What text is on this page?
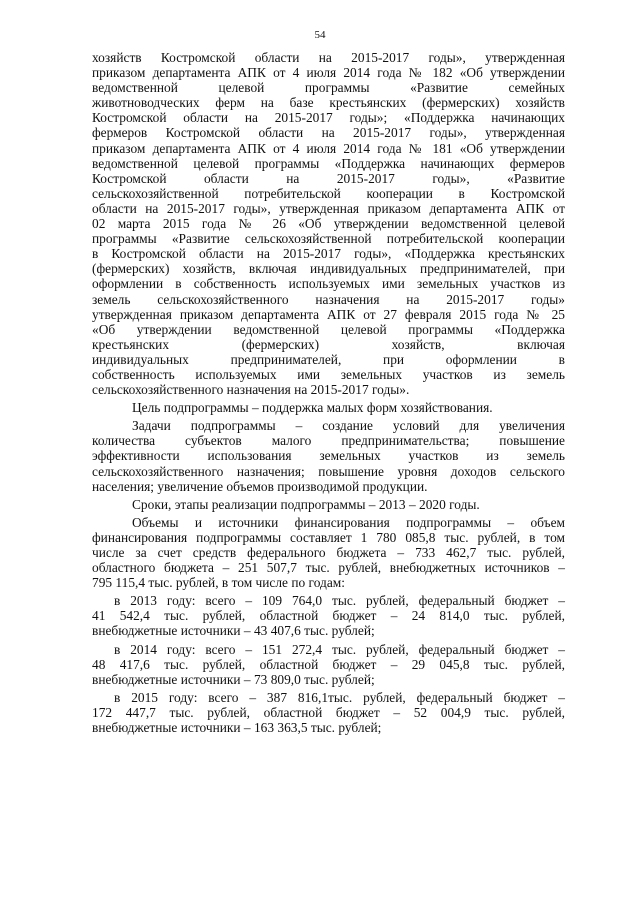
54
хозяйств Костромской области на 2015-2017 годы», утвержденная
приказом департамента АПК от 4 июля 2014 года № 182 «Об утверждении
ведомственной целевой программы «Развитие семейных
животноводческих ферм на базе крестьянских (фермерских) хозяйств
Костромской области на 2015-2017 годы»; «Поддержка начинающих
фермеров Костромской области на 2015-2017 годы», утвержденная
приказом департамента АПК от 4 июля 2014 года № 181 «Об утверждении
ведомственной целевой программы «Поддержка начинающих фермеров
Костромской области на 2015-2017 годы», «Развитие
сельскохозяйственной потребительской кооперации в Костромской
области на 2015-2017 годы», утвержденная приказом департамента АПК от
02 марта 2015 года № 26 «Об утверждении ведомственной целевой
программы «Развитие сельскохозяйственной потребительской кооперации
в Костромской области на 2015-2017 годы», «Поддержка крестьянских
(фермерских) хозяйств, включая индивидуальных предпринимателей, при
оформлении в собственность используемых ими земельных участков из
земель сельскохозяйственного назначения на 2015-2017 годы»
утвержденная приказом департамента АПК от 27 февраля 2015 года № 25
«Об утверждении ведомственной целевой программы «Поддержка
крестьянских (фермерских) хозяйств, включая
индивидуальных предпринимателей, при оформлении в
собственность используемых ими земельных участков из земель
сельскохозяйственного назначения на 2015-2017 годы».
Цель подпрограммы – поддержка малых форм хозяйствования.
Задачи подпрограммы – создание условий для увеличения
количества субъектов малого предпринимательства; повышение
эффективности использования земельных участков из земель
сельскохозяйственного назначения; повышение уровня доходов сельского
населения; увеличение объемов производимой продукции.
Сроки, этапы реализации подпрограммы – 2013 – 2020 годы.
Объемы и источники финансирования подпрограммы – объем
финансирования подпрограммы составляет 1 780 085,8 тыс. рублей, в том
числе за счет средств федерального бюджета – 733 462,7 тыс. рублей,
областного бюджета – 251 507,7 тыс. рублей, внебюджетных источников –
795 115,4 тыс. рублей, в том числе по годам:
в 2013 году: всего – 109 764,0 тыс. рублей, федеральный бюджет –
41 542,4 тыс. рублей, областной бюджет – 24 814,0 тыс. рублей,
внебюджетные источники – 43 407,6 тыс. рублей;
в 2014 году: всего – 151 272,4 тыс. рублей, федеральный бюджет –
48 417,6 тыс. рублей, областной бюджет – 29 045,8 тыс. рублей,
внебюджетные источники – 73 809,0 тыс. рублей;
в 2015 году: всего – 387 816,1тыс. рублей, федеральный бюджет –
172 447,7 тыс. рублей, областной бюджет – 52 004,9 тыс. рублей,
внебюджетные источники – 163 363,5 тыс. рублей;
